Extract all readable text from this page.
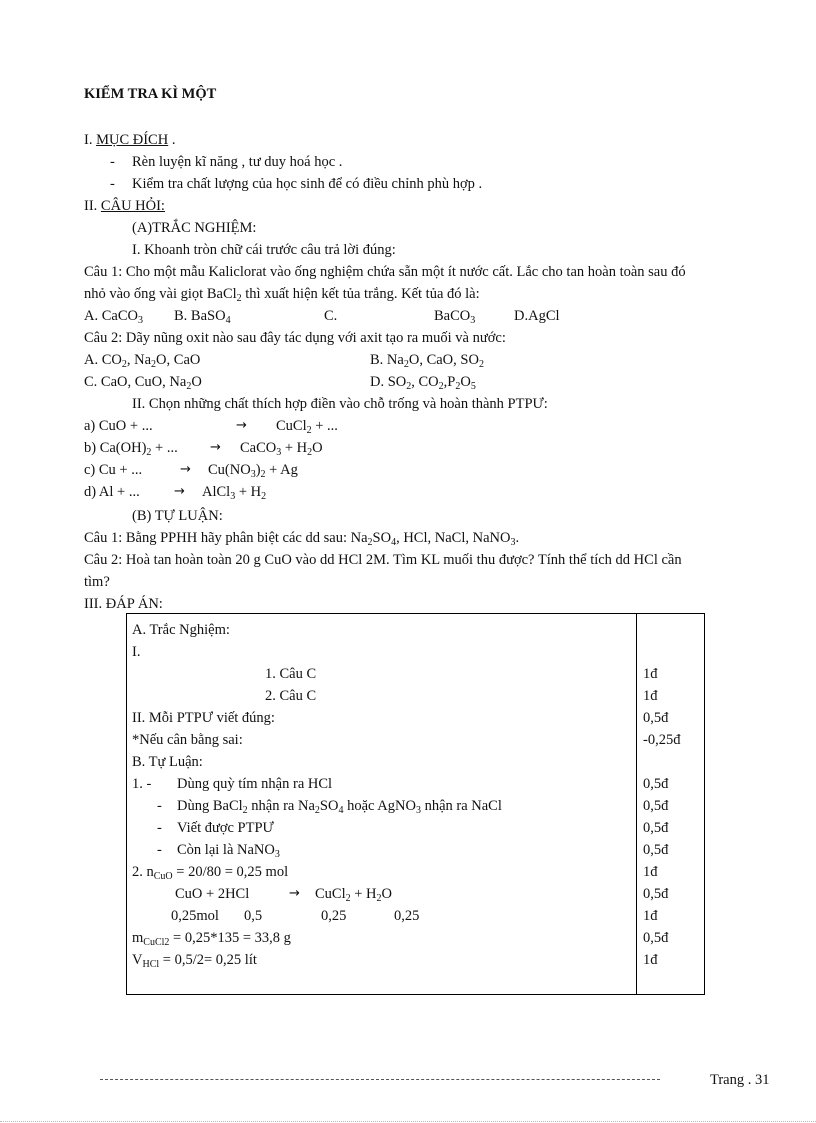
KIỂM TRA KÌ MỘT
I. MỤC ĐÍCH .
- Rèn luyện kĩ năng , tư duy hoá học .
- Kiểm tra chất lượng của học sinh để có điều chỉnh phù hợp .
II. CÂU HỎI:
(A)TRẮC NGHIỆM:
I. Khoanh tròn chữ cái trước câu trả lời đúng:
Câu 1: Cho một mẫu Kaliclorat vào ống nghiệm chứa sẵn một ít nước cất. Lắc cho tan hoàn toàn sau đó
nhỏ vào ống vài giọt BaCl$_2$ thì xuất hiện kết tủa trắng. Kết tủa đó là:
A. CaCO$_3$ B. BaSO$_4$	C.	BaCO$_3$	D.AgCl
Câu 2: Dãy nũng oxit nào sau đây tác dụng với axit tạo ra muối và nước:
A. $CO_2$, $Na_2O$, CaO	B. $Na_2O$, CaO, $SO_2$
C. CaO, CuO, $Na_2O$	D. $SO_2$, $CO_2,P_2O_5$
II. Chọn những chất thích hợp điền vào chỗ trống và hoàn thành PTPƯ:
a) CuO + ...	→ CuCl$_2$ + ...
b) $Ca(OH)_2$ + ... → CaCO$_3$ + $H_2O$
c) Cu + ...	→ $Cu(NO_3)_2 + Ag$
d) Al + ...	→ AlCl$_3$ + $H_2$
(B) TỰ LUẬN:
Câu 1: Bằng PPHH hãy phân biệt các dd sau: $Na_2SO_4$, HCl, NaCl, NaNO$_3$.
Câu 2: Hoà tan hoàn toàn 20 g CuO vào dd HCl 2M. Tìm KL muối thu được? Tính thể tích dd HCl cần
tìm?
III. ĐÁP ÁN:
A. Trắc Nghiệm:
I.
1. Câu C	1đ
2. Câu C	1đ
II. Mỗi PTPƯ viết đúng:	0,5đ
*Nếu cân bằng sai:	-0,25đ
B. Tự Luận:
1. - Dùng quỳ tím nhận ra HCl	0,5đ
- Dùng BaCl$_2$ nhận ra $Na_2SO_4$ hoặc AgNO$_3$ nhận ra NaCl	0,5đ
- Viết được PTPƯ	0,5đ
- Còn lại là NaNO$_3$	0,5đ
2. $n_{CuO} = 20/80 = 0,25$ mol	1đ
CuO + 2HCl	→ CuCl$_2$ + $H_2O$	0,5đ
0,25mol 0,5	0,25	0,25	1đ
$m_{CuCl2} = 0,25*135 = 33,8$ g	0,5đ
$V_{HCl} = 0,5/2= 0,25$ lít	1đ
Trang . 31
